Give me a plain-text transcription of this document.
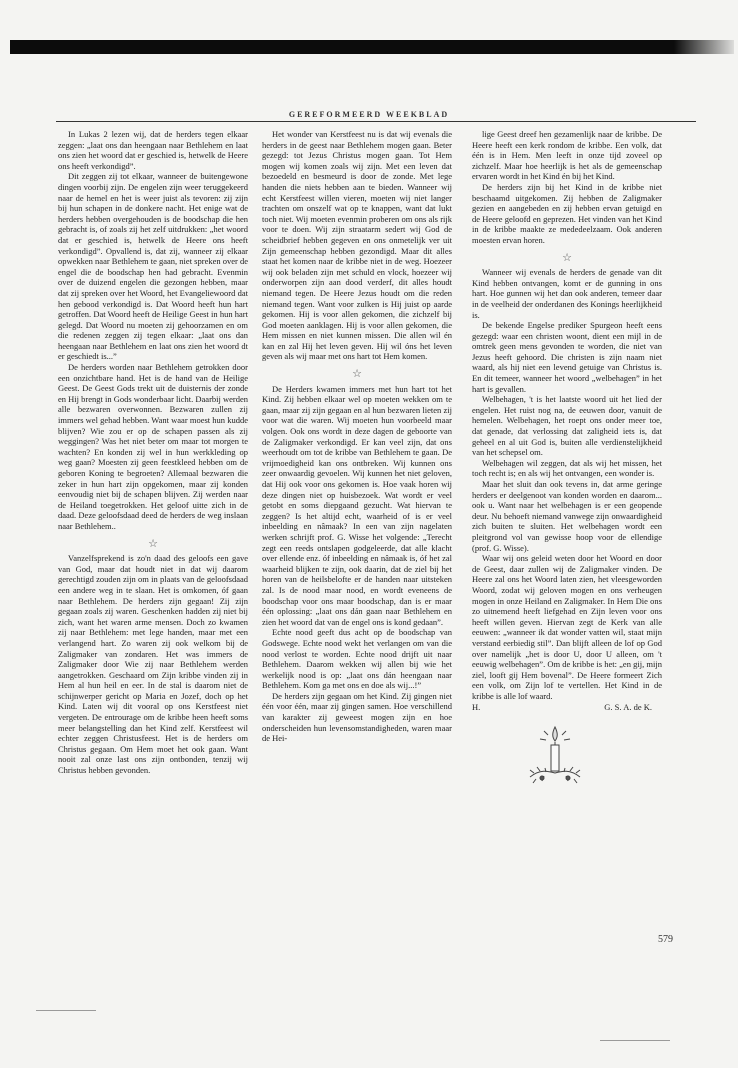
GEREFORMEERD WEEKBLAD

In Lukas 2 lezen wij, dat de herders tegen elkaar zeggen: „laat ons dan heengaan naar Bethlehem en laat ons zien het woord dat er geschied is, hetwelk de Heere ons heeft verkondigd”.

Dit zeggen zij tot elkaar, wanneer de buitengewone dingen voorbij zijn. De engelen zijn weer teruggekeerd naar de hemel en het is weer juist als tevoren: zij zijn bij hun schapen in de donkere nacht. Het enige wat de herders hebben overgehouden is de boodschap die hen gebracht is, of zoals zij het zelf uitdrukken: „het woord dat er geschied is, hetwelk de Heere ons heeft verkondigd”. Opvallend is, dat zij, wanneer zij elkaar opwekken naar Bethlehem te gaan, niet spreken over de engel die de boodschap hen had gebracht. Evenmin over de duizend engelen die gezongen hebben, maar dat zij spreken over het Woord, het Evangeliewoord dat hen gebood verkondigd is. Dat Woord heeft hun hart getroffen. Dat Woord heeft de Heilige Geest in hun hart gelegd. Dat Woord nu moeten zij gehoorzamen en om die redenen zeggen zij tegen elkaar: „laat ons dan heengaan naar Bethlehem en laat ons zien het woord dt er geschiedt is...”

De herders worden naar Bethlehem getrokken door een onzichtbare hand. Het is de hand van de Heilige Geest. De Geest Gods trekt uit de duisternis der zonde en Hij brengt in Gods wonderbaar licht. Daarbij werden alle bezwaren overwonnen. Bezwaren zullen zij immers wel gehad hebben. Want waar moest hun kudde blijven? Wie zou er op de schapen passen als zij weggingen? Was het niet beter om maar tot morgen te wachten? En konden zij wel in hun werkkleding op weg gaan? Moesten zij geen feestkleed hebben om de geboren Koning te begroeten? Allemaal bezwaren die zeker in hun hart zijn opgekomen, maar zij konden eenvoudig niet bij de schapen blijven. Zij werden naar de Heiland toegetrokken. Het geloof uitte zich in de daad. Deze geloofsdaad deed de herders de weg inslaan naar Bethlehem..

☆

Vanzelfsprekend is zo'n daad des geloofs een gave van God, maar dat houdt niet in dat wij daarom gerechtigd zouden zijn om in plaats van de geloofsdaad een andere weg in te slaan. Het is omkomen, óf gaan naar Bethlehem. De herders zijn gegaan! Zij zijn gegaan zoals zij waren. Geschenken hadden zij niet bij zich, want het waren arme mensen. Doch zo kwamen zij naar Bethlehem: met lege handen, maar met een verlangend hart. Zo waren zij ook welkom bij de Zaligmaker van zondaren. Het was immers de Zaligmaker door Wie zij naar Bethlehem werden aangetrokken. Geschaard om Zijn kribbe vinden zij in Hem al hun heil en eer. In de stal is daarom niet de schijnwerper gericht op Maria en Jozef, doch op het Kind. Laten wij dit vooral op ons Kerstfeest niet vergeten. De entrourage om de kribbe heen heeft soms meer belangstelling dan het Kind zelf. Kerstfeest wil echter zeggen Christusfeest. Het is de herders om Christus gegaan. Om Hem moet het ook gaan. Want nooit zal onze last ons zijn ontbonden, tenzij wij Christus hebben gevonden.

Het wonder van Kerstfeest nu is dat wij evenals die herders in de geest naar Bethlehem mogen gaan. Beter gezegd: tot Jezus Christus mogen gaan. Tot Hem mogen wij komen zoals wij zijn. Met een leven dat bezoedeld en besmeurd is door de zonde. Met lege handen die niets hebben aan te bieden. Wanneer wij echt Kerstfeest willen vieren, moeten wij niet langer trachten om onszelf wat op te knappen, want dat lukt toch niet. Wij moeten evenmin proberen om ons als rijk voor te doen. Wij zijn straatarm sedert wij God de scheidbrief hebben gegeven en ons onmetelijk ver uit Zijn gemeenschap hebben gezondigd. Maar dit alles staat het komen naar de kribbe niet in de weg. Hoezeer wij ook beladen zijn met schuld en vlock, hoezeer wij onderworpen zijn aan dood verderf, dit alles houdt niemand tegen. De Heere Jezus houdt om die reden niemand tegen. Want voor zulken is Hij juist op aarde gekomen. Hij is voor allen gekomen, die zichzelf bij God moeten aanklagen. Hij is voor allen gekomen, die Hem missen en niet kunnen missen. Die allen wil én kan en zal Hij het leven geven. Hij wil óns het leven geven als wij maar met ons hart tot Hem komen.

☆

De Herders kwamen immers met hun hart tot het Kind. Zij hebben elkaar wel op moeten wekken om te gaan, maar zij zijn gegaan en al hun bezwaren lieten zij voor wat die waren. Wij moeten hun voorbeeld maar volgen. Ook ons wordt in deze dagen de geboorte van de Zaligmaker verkondigd. Er kan veel zijn, dat ons weerhoudt om tot de kribbe van Bethlehem te gaan. De vrijmoedigheid kan ons ontbreken. Wij kunnen ons zeer onwaardig gevoelen. Wij kunnen het niet geloven, dat Hij ook voor ons gekomen is. Hoe vaak horen wij deze dingen niet op huisbezoek. Wat wordt er veel getobt en soms diepgaand gezucht. Wat hiervan te zeggen? Is het altijd echt, waarheid of is er veel inbeelding en nâmaak? In een van zijn nagelaten werken schrijft prof. G. Wisse het volgende: „Terecht zegt een reeds ontslapen godgeleerde, dat alle klacht over ellende enz. óf inbeelding en nâmaak is, óf het zal waarheid blijken te zijn, ook daarin, dat de ziel bij het horen van de heilsbelofte er de handen naar uitsteken zal. Is de nood maar nood, en wordt eveneens de boodschap voor ons maar boodschap, dan is er maar één oplossing: „laat ons dán gaan naar Bethlehem en zien het woord dat van de engel ons is kond gedaan”.

Echte nood geeft dus acht op de boodschap van Godswege. Echte nood wekt het verlangen om van die nood verlost te worden. Echte nood drijft uit naar Bethlehem. Daarom wekken wij allen bij wie het werkelijk nood is op: „laat ons dán heengaan naar Bethlehem. Kom ga met ons en doe als wij...!”

De herders zijn gegaan om het Kind. Zij gingen niet één voor één, maar zij gingen samen. Hoe verschillend van karakter zij geweest mogen zijn en hoe onderscheiden hun levensomstandigheden, waren maar de Hei-

lige Geest dreef hen gezamenlijk naar de kribbe. De Heere heeft een kerk rondom de kribbe. Een volk, dat één is in Hem. Men leeft in onze tijd zoveel op zichzelf. Maar hoe heerlijk is het als de gemeenschap ervaren wordt in het Kind én bij het Kind.

De herders zijn bij het Kind in de kribbe niet beschaamd uitgekomen. Zij hebben de Zaligmaker gezien en aangebeden en zij hebben ervan getuigd en de Heere geloofd en geprezen. Het vinden van het Kind in de kribbe maakte ze mededeelzaam. Ook anderen moesten ervan horen.

☆

Wanneer wij evenals de herders de genade van dit Kind hebben ontvangen, komt er de gunning in ons hart. Hoe gunnen wij het dan ook anderen, temeer daar in de veelheid der onderdanen des Konings heerlijkheid is.

De bekende Engelse prediker Spurgeon heeft eens gezegd: waar een christen woont, dient een mijl in de omtrek geen mens gevonden te worden, die niet van Jezus heeft gehoord. Die christen is zijn naam niet waard, als hij niet een levend getuige van Christus is. En dit temeer, wanneer het woord „welbehagen” in het hart is gevallen.

Welbehagen, 't is het laatste woord uit het lied der engelen. Het ruist nog na, de eeuwen door, vanuit de hemelen. Welbehagen, het roept ons onder meer toe, dat genade, dat verlossing dat zaligheid iets is, dat geheel en al uit God is, buiten alle verdienstelijkheid van het schepsel om.

Welbehagen wil zeggen, dat als wij het missen, het toch recht is; en als wij het ontvangen, een wonder is.

Maar het sluit dan ook tevens in, dat arme geringe herders er deelgenoot van konden worden en daarom... ook u. Want naar het welbehagen is er een geopende deur. Nu behoeft niemand vanwege zijn onwaardigheid zich buiten te sluiten. Het welbehagen wordt een pleitgrond vol van gewisse hoop voor de ellendige (prof. G. Wisse).

Waar wij ons geleid weten door het Woord en door de Geest, daar zullen wij de Zaligmaker vinden. De Heere zal ons het Woord laten zien, het vleesgeworden Woord, zodat wij geloven mogen en ons verheugen mogen in onze Heiland en Zaligmaker. In Hem Die ons zo uitnemend heeft liefgehad en Zijn leven voor ons heeft willen geven. Hiervan zegt de Kerk van alle eeuwen: „wanneer ik dat wonder vatten wil, staat mijn verstand eerbiedig stil”. Dan blijft alleen de lof op God over namelijk „het is door U, door U alleen, om 't eeuwig welbehagen”. Om de kribbe is het: „en gij, mijn ziel, looft gij Hem bovenal”. De Heere formeert Zich een volk, om Zijn lof te vertellen. Het Kind in de kribbe is alle lof waard.

H.	G. S. A. de K.
579
